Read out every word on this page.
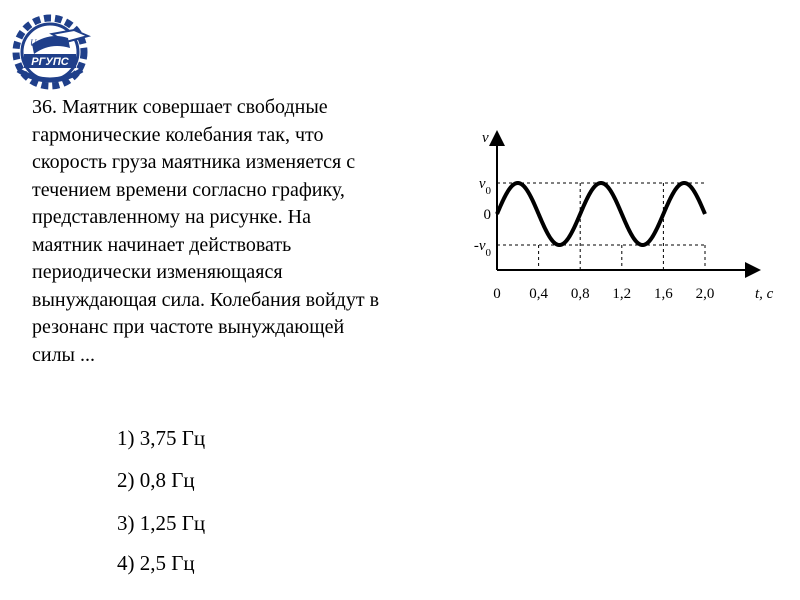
U
РГУПС
36. Маятник совершает свободные
гармонические колебания так, что
скорость груза маятника изменяется с
течением времени согласно графику,
представленному на рисунке. На
маятник начинает действовать
периодически изменяющаяся
вынуждающая сила. Колебания войдут в
резонанс при частоте вынуждающей
силы ...
1) 3,75 Гц
2) 0,8 Гц
3) 1,25 Гц
4) 2,5 Гц
0 0,4 0,8 1,2 1,6 2,0
$v_0$
0
$-v_0$
v
t, с
